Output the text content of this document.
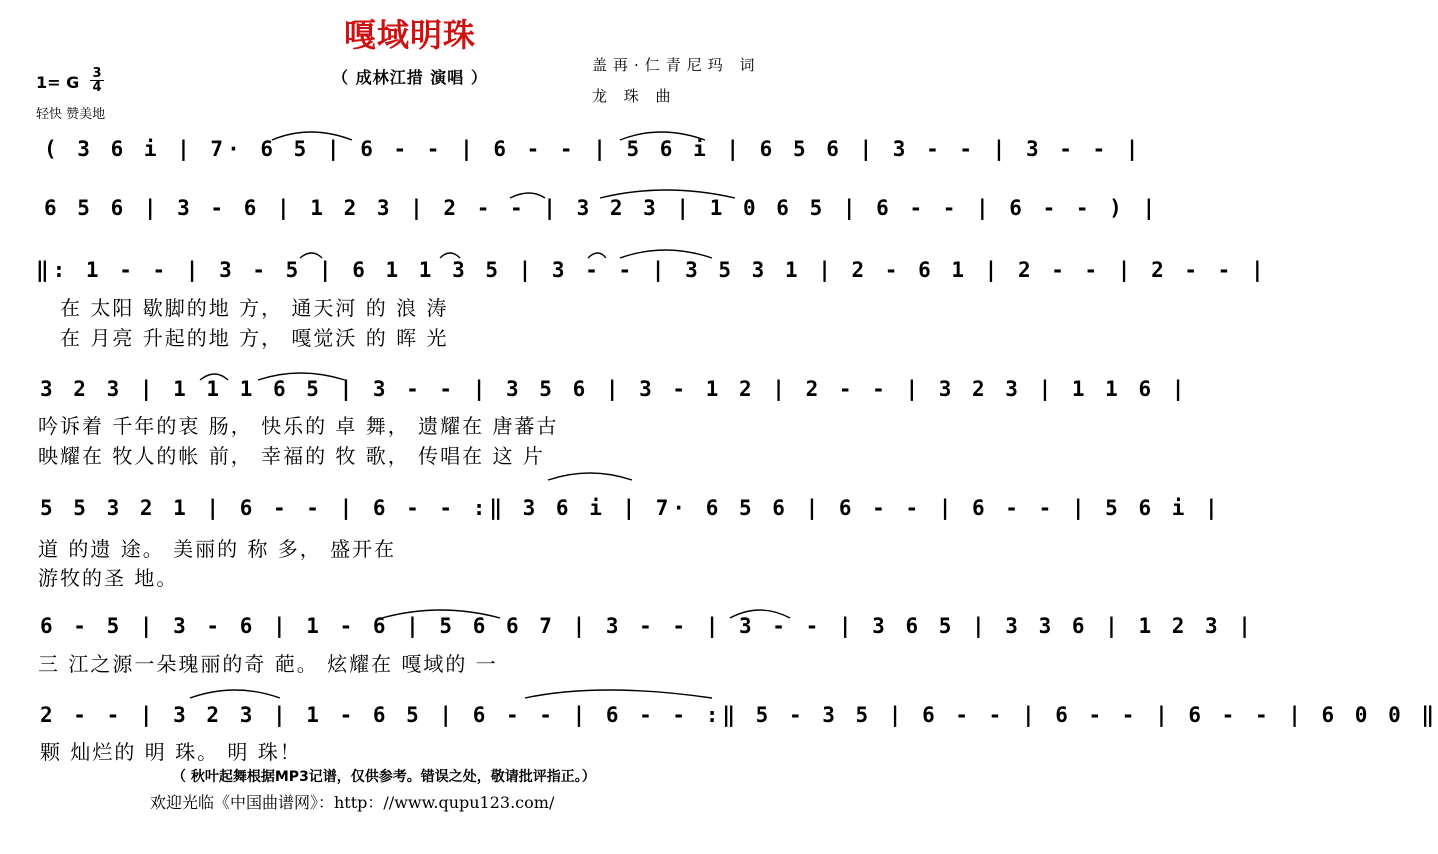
嘎域明珠
（ 成林江措 演唱 ）
盖再·仁青尼玛 词
龙 珠 曲
1= G 3
4
轻快 赞美地
( 3 6 i | 7· 6 5 | 6 - - | 6 - - | 5 6 i | 6 5 6 | 3 - - | 3 - - |
6 5 6 | 3 - 6 | 1 2 3 | 2 - - | 3 2 3 | 1 0 6 5 | 6 - - | 6 - - ) |
‖: 1 - - | 3 - 5 | 6 1 1 3 5 | 3 - - | 3 5 3 1 | 2 - 6 1 | 2 - - | 2 - - |
在 太阳 歇脚的地 方， 通天河 的 浪 涛
在 月亮 升起的地 方， 嘎觉沃 的 晖 光
3 2 3 | 1 1 1 6 5 | 3 - - | 3 5 6 | 3 - 1 2 | 2 - - | 3 2 3 | 1 1 6 |
吟诉着 千年的衷 肠， 快乐的 卓 舞， 遗耀在 唐蕃古
映耀在 牧人的帐 前， 幸福的 牧 歌， 传唱在 这 片
5 5 3 2 1 | 6 - - | 6 - - :‖ 3 6 i | 7· 6 5 6 | 6 - - | 6 - - | 5 6 i |
道 的遗 途。 美丽的 称 多， 盛开在
游牧的圣 地。
6 - 5 | 3 - 6 | 1 - 6 | 5 6 6 7 | 3 - - | 3 - - | 3 6 5 | 3 3 6 | 1 2 3 |
三 江之源一朵瑰丽的奇 葩。 炫耀在 嘎域的 一
2 - - | 3 2 3 | 1 - 6 5 | 6 - - | 6 - - :‖ 5 - 3 5 | 6 - - | 6 - - | 6 - - | 6 0 0 ‖
颗 灿烂的 明 珠。 明 珠！
（ 秋叶起舞根据MP3记谱，仅供参考。错误之处，敬请批评指正。）
欢迎光临《中国曲谱网》：http：//www.qupu123.com/
